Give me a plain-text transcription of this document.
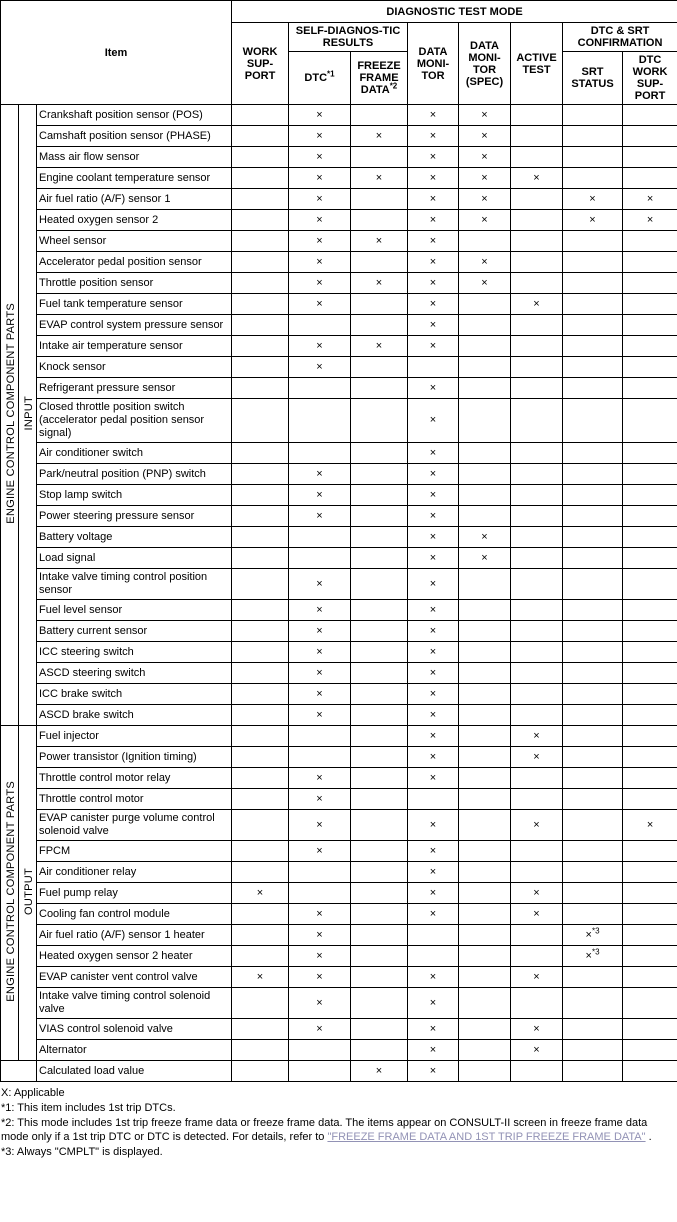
Item			DIAGNOSTIC TEST MODE							
			WORK SUP-PORT	SELF-DIAGNOS-TIC RESULTS		DATA MONI-TOR	DATA MONI-TOR (SPEC)	ACTIVE TEST	DTC & SRT CONFIRMATION	
				DTC$^{*1}$	FREEZE FRAME DATA$^{*2}$				SRT STATUS	DTC WORK SUP-PORT
ENGINE CONTROL COMPONENT PARTS	INPUT	Crankshaft position sensor (POS)		×		×	×			
		Camshaft position sensor (PHASE)		×	×	×	×			
		Mass air flow sensor		×		×	×			
		Engine coolant temperature sensor		×	×	×	×	×		
		Air fuel ratio (A/F) sensor 1		×		×	×		×	×
		Heated oxygen sensor 2		×		×	×		×	×
		Wheel sensor		×	×	×				
		Accelerator pedal position sensor		×		×	×			
		Throttle position sensor		×	×	×	×			
		Fuel tank temperature sensor		×		×		×		
		EVAP control system pressure sensor				×				
		Intake air temperature sensor		×	×	×				
		Knock sensor		×						
		Refrigerant pressure sensor				×				
		Closed throttle position switch (accelerator pedal position sensor signal)				×				
		Air conditioner switch				×				
		Park/neutral position (PNP) switch		×		×				
		Stop lamp switch		×		×				
		Power steering pressure sensor		×		×				
		Battery voltage				×	×			
		Load signal				×	×			
		Intake valve timing control position sensor		×		×				
		Fuel level sensor		×		×				
		Battery current sensor		×		×				
		ICC steering switch		×		×				
		ASCD steering switch		×		×				
		ICC brake switch		×		×				
		ASCD brake switch		×		×				
ENGINE CONTROL COMPONENT PARTS	OUTPUT	Fuel injector				×		×		
		Power transistor (Ignition timing)				×		×		
		Throttle control motor relay		×		×				
		Throttle control motor		×						
		EVAP canister purge volume control solenoid valve		×		×		×		×
		FPCM		×		×				
		Air conditioner relay				×				
		Fuel pump relay	×			×		×		
		Cooling fan control module		×		×		×		
		Air fuel ratio (A/F) sensor 1 heater		×					×$^{*3}$	
		Heated oxygen sensor 2 heater		×					×$^{*3}$	
		EVAP canister vent control valve	×	×		×		×		
		Intake valve timing control solenoid valve		×		×				
		VIAS control solenoid valve		×		×		×		
		Alternator				×		×		
		Calculated load value			×	×				
X: Applicable
*1: This item includes 1st trip DTCs.
*2: This mode includes 1st trip freeze frame data or freeze frame data. The items appear on CONSULT-II screen in freeze frame data mode only if a 1st trip DTC or DTC is detected. For details, refer to "FREEZE FRAME DATA AND 1ST TRIP FREEZE FRAME DATA" .
*3: Always "CMPLT" is displayed.
